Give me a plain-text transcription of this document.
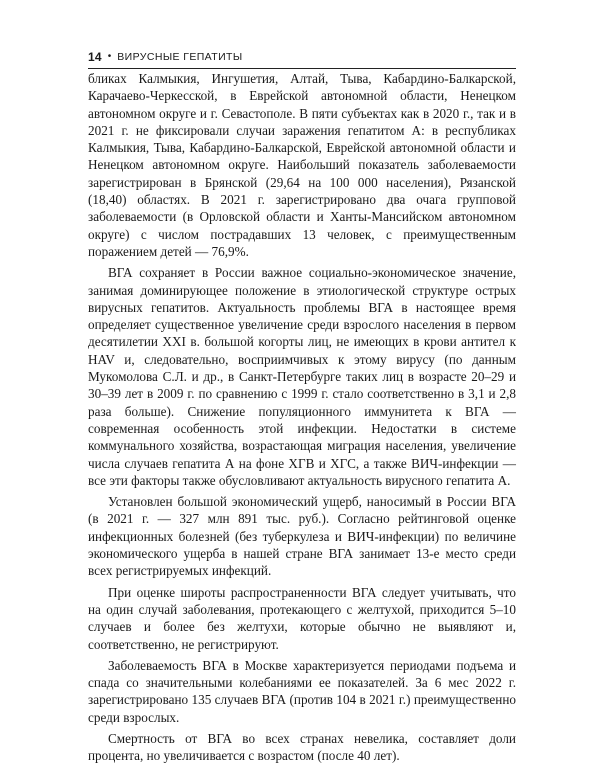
14 • ВИРУСНЫЕ ГЕПАТИТЫ

бликах Калмыкия, Ингушетия, Алтай, Тыва, Кабардино-Балкарской, Карачаево-Черкесской, в Еврейской автономной области, Ненецком автономном округе и г. Севастополе. В пяти субъектах как в 2020 г., так и в 2021 г. не фиксировали случаи заражения гепатитом А: в республиках Калмыкия, Тыва, Кабардино-Балкарской, Еврейской автономной области и Ненецком автономном округе. Наибольший показатель заболеваемости зарегистрирован в Брянской (29,64 на 100 000 населения), Рязанской (18,40) областях. В 2021 г. зарегистрировано два очага групповой заболеваемости (в Орловской области и Ханты-Мансийском автономном округе) с числом пострадавших 13 человек, с преимущественным поражением детей — 76,9%.

ВГА сохраняет в России важное социально-экономическое значение, занимая доминирующее положение в этиологической структуре острых вирусных гепатитов. Актуальность проблемы ВГА в настоящее время определяет существенное увеличение среди взрослого населения в первом десятилетии XXI в. большой когорты лиц, не имеющих в крови антител к HAV и, следовательно, восприимчивых к этому вирусу (по данным Мукомолова С.Л. и др., в Санкт-Петербурге таких лиц в возрасте 20–29 и 30–39 лет в 2009 г. по сравнению с 1999 г. стало соответственно в 3,1 и 2,8 раза больше). Снижение популяционного иммунитета к ВГА — современная особенность этой инфекции. Недостатки в системе коммунального хозяйства, возрастающая миграция населения, увеличение числа случаев гепатита А на фоне ХГВ и ХГС, а также ВИЧ-инфекции — все эти факторы также обусловливают актуальность вирусного гепатита А.

Установлен большой экономический ущерб, наносимый в России ВГА (в 2021 г. — 327 млн 891 тыс. руб.). Согласно рейтинговой оценке инфекционных болезней (без туберкулеза и ВИЧ-инфекции) по величине экономического ущерба в нашей стране ВГА занимает 13-е место среди всех регистрируемых инфекций.

При оценке широты распространенности ВГА следует учитывать, что на один случай заболевания, протекающего с желтухой, приходится 5–10 случаев и более без желтухи, которые обычно не выявляют и, соответственно, не регистрируют.

Заболеваемость ВГА в Москве характеризуется периодами подъема и спада со значительными колебаниями ее показателей. За 6 мес 2022 г. зарегистрировано 135 случаев ВГА (против 104 в 2021 г.) преимущественно среди взрослых.

Смертность от ВГА во всех странах невелика, составляет доли процента, но увеличивается с возрастом (после 40 лет).
